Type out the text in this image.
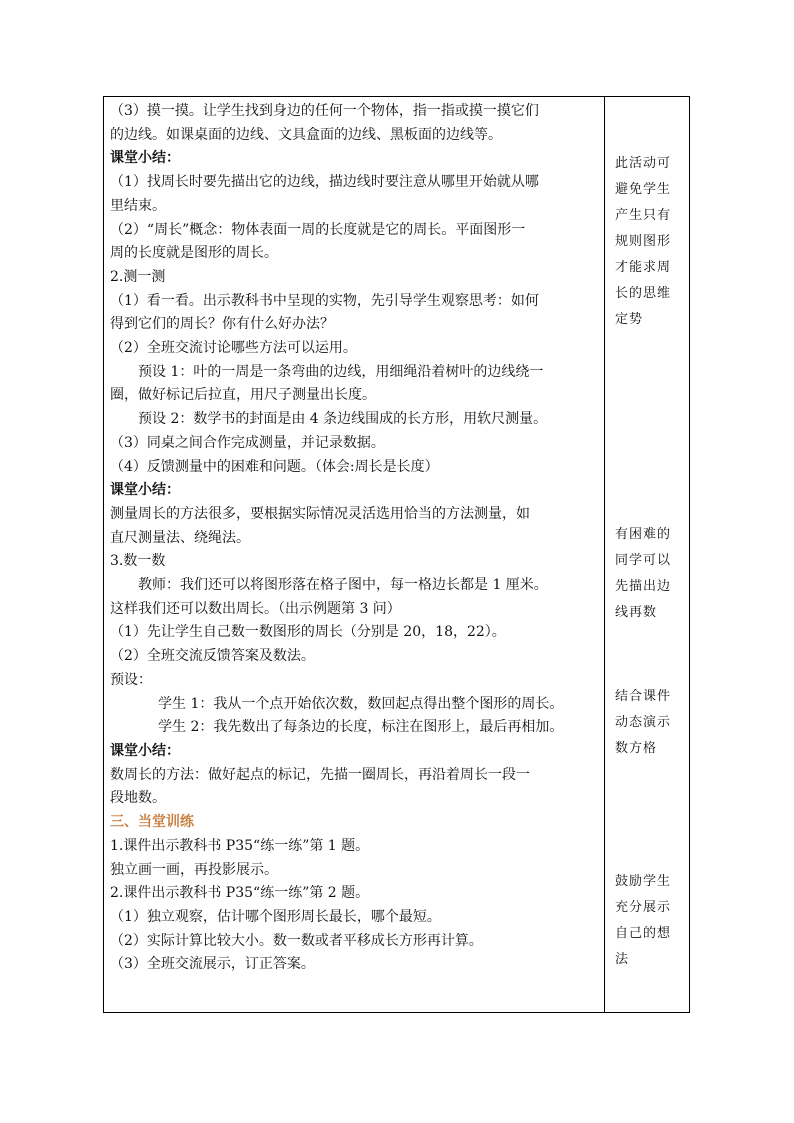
（3）摸一摸。让学生找到身边的任何一个物体，指一指或摸一摸它们
的边线。如课桌面的边线、文具盒面的边线、黑板面的边线等。
课堂小结：
（1）找周长时要先描出它的边线，描边线时要注意从哪里开始就从哪
里结束。
（2）“周长”概念：物体表面一周的长度就是它的周长。平面图形一
周的长度就是图形的周长。
2.测一测
（1）看一看。出示教科书中呈现的实物，先引导学生观察思考：如何
得到它们的周长？你有什么好办法？
（2）全班交流讨论哪些方法可以运用。
预设 1：叶的一周是一条弯曲的边线，用细绳沿着树叶的边线绕一
圈，做好标记后拉直，用尺子测量出长度。
预设 2：数学书的封面是由 4 条边线围成的长方形，用软尺测量。
（3）同桌之间合作完成测量，并记录数据。
（4）反馈测量中的困难和问题。（体会:周长是长度）
课堂小结：
测量周长的方法很多，要根据实际情况灵活选用恰当的方法测量，如
直尺测量法、绕绳法。
3.数一数
教师：我们还可以将图形落在格子图中，每一格边长都是 1 厘米。
这样我们还可以数出周长。（出示例题第 3 问）
（1）先让学生自己数一数图形的周长（分别是 20，18，22）。
（2）全班交流反馈答案及数法。
预设：
学生 1：我从一个点开始依次数，数回起点得出整个图形的周长。
学生 2：我先数出了每条边的长度，标注在图形上，最后再相加。
课堂小结：
数周长的方法：做好起点的标记，先描一圈周长，再沿着周长一段一
段地数。
三、当堂训练
1.课件出示教科书 P35“练一练”第 1 题。
独立画一画，再投影展示。
2.课件出示教科书 P35“练一练”第 2 题。
（1）独立观察，估计哪个图形周长最长，哪个最短。
（2）实际计算比较大小。数一数或者平移成长方形再计算。
（3）全班交流展示，订正答案。
此活动可
避免学生
产生只有
规则图形
才能求周
长的思维
定势
有困难的
同学可以
先描出边
线再数
结合课件
动态演示
数方格
鼓励学生
充分展示
自己的想
法
